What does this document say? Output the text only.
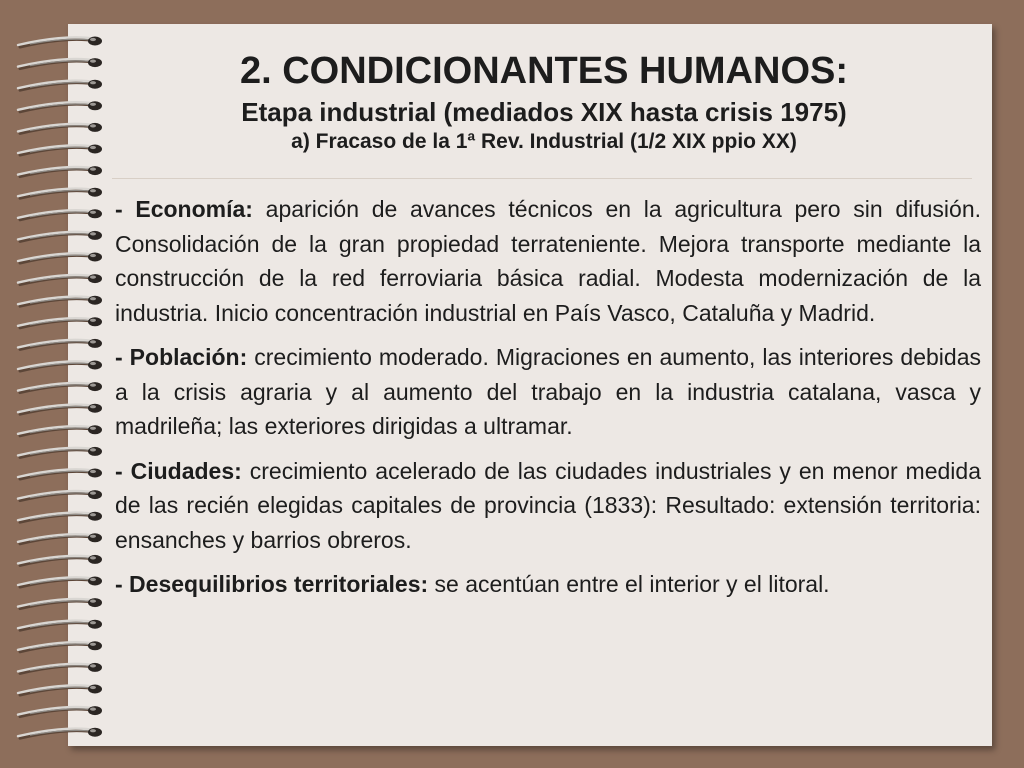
2. CONDICIONANTES HUMANOS:
Etapa industrial (mediados XIX hasta crisis 1975)
a) Fracaso de la 1ª Rev. Industrial (1/2 XIX ppio XX)

- Economía: aparición de avances técnicos en la agricultura pero sin difusión. Consolidación de la gran propiedad terrateniente. Mejora transporte mediante la construcción de la red ferroviaria básica radial. Modesta modernización de la industria. Inicio concentración industrial en País Vasco, Cataluña y Madrid.

- Población: crecimiento moderado. Migraciones en aumento, las interiores debidas a la crisis agraria y al aumento del trabajo en la industria catalana, vasca y madrileña; las exteriores dirigidas a ultramar.

- Ciudades: crecimiento acelerado de las ciudades industriales y en menor medida de las recién elegidas capitales de provincia (1833): Resultado: extensión territoria: ensanches y barrios obreros.

- Desequilibrios territoriales: se acentúan entre el interior y el litoral.
